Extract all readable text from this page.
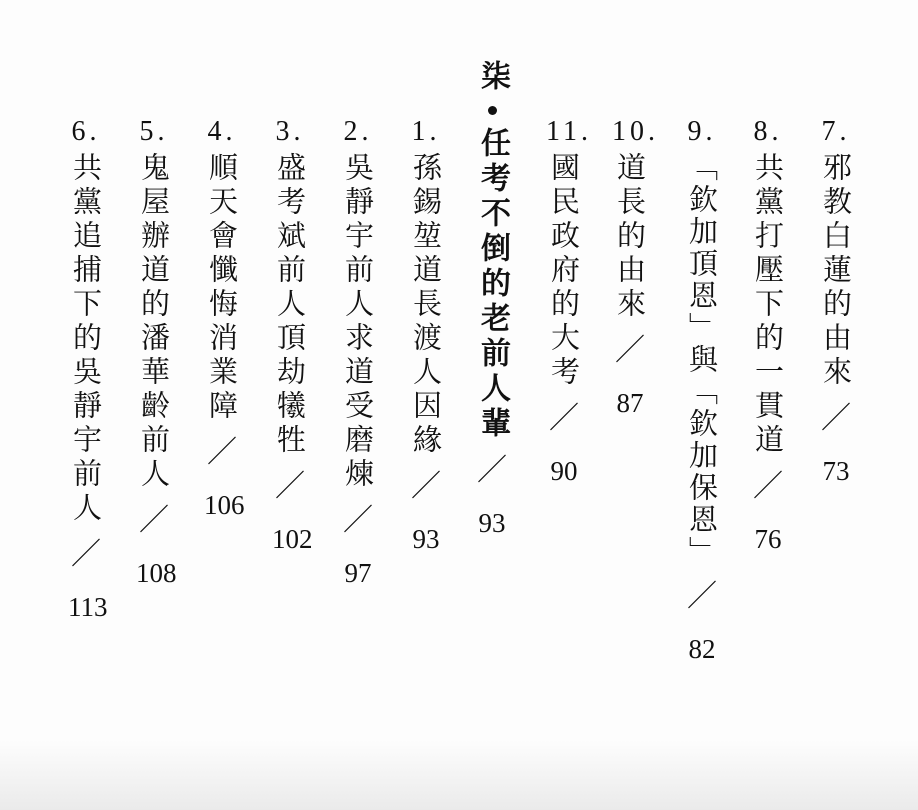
7.
邪教白蓮的由來
／
73
8.
共黨打壓下的一貫道
／
76
9.
「欽加頂恩」與「欽加保恩」
／
82
10.
道長的由來
／
87
11.
國民政府的大考
／
90
柒
任考不倒的老前人輩
／
93
1.
孫錫堃道長渡人因緣
／
93
2.
吳靜宇前人求道受磨煉
／
97
3.
盛考斌前人頂劫犧牲
／
102
4.
順天會懺悔消業障
／
106
5.
鬼屋辦道的潘華齡前人
／
108
6.
共黨追捕下的吳靜宇前人
／
113
